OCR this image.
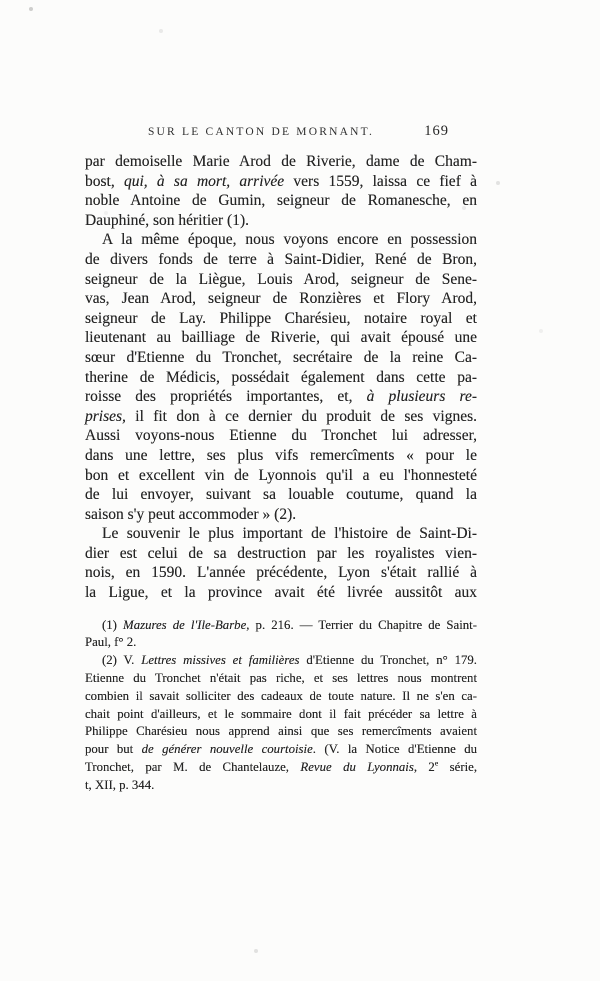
SUR LE CANTON DE MORNANT.	169
par demoiselle Marie Arod de Riverie, dame de Cham-
bost, qui, à sa mort, arrivée vers 1559, laissa ce fief à
noble Antoine de Gumin, seigneur de Romanesche, en
Dauphiné, son héritier (1).
A la même époque, nous voyons encore en possession
de divers fonds de terre à Saint-Didier, René de Bron,
seigneur de la Liègue, Louis Arod, seigneur de Sene-
vas, Jean Arod, seigneur de Ronzières et Flory Arod,
seigneur de Lay. Philippe Charésieu, notaire royal et
lieutenant au bailliage de Riverie, qui avait épousé une
sœur d'Etienne du Tronchet, secrétaire de la reine Ca-
therine de Médicis, possédait également dans cette pa-
roisse des propriétés importantes, et, à plusieurs re-
prises, il fit don à ce dernier du produit de ses vignes.
Aussi voyons-nous Etienne du Tronchet lui adresser,
dans une lettre, ses plus vifs remercîments « pour le
bon et excellent vin de Lyonnois qu'il a eu l'honnesteté
de lui envoyer, suivant sa louable coutume, quand la
saison s'y peut accommoder » (2).
Le souvenir le plus important de l'histoire de Saint-Di-
dier est celui de sa destruction par les royalistes vien-
nois, en 1590. L'année précédente, Lyon s'était rallié à
la Ligue, et la province avait été livrée aussitôt aux
(1) Mazures de l'Ile-Barbe, p. 216. — Terrier du Chapitre de Saint-
Paul, f° 2.
(2) V. Lettres missives et familières d'Etienne du Tronchet, n° 179.
Etienne du Tronchet n'était pas riche, et ses lettres nous montrent
combien il savait solliciter des cadeaux de toute nature. Il ne s'en ca-
chait point d'ailleurs, et le sommaire dont il fait précéder sa lettre à
Philippe Charésieu nous apprend ainsi que ses remercîments avaient
pour but de générer nouvelle courtoisie. (V. la Notice d'Etienne du
Tronchet, par M. de Chantelauze, Revue du Lyonnais, 2e série,
t, XII, p. 344.
